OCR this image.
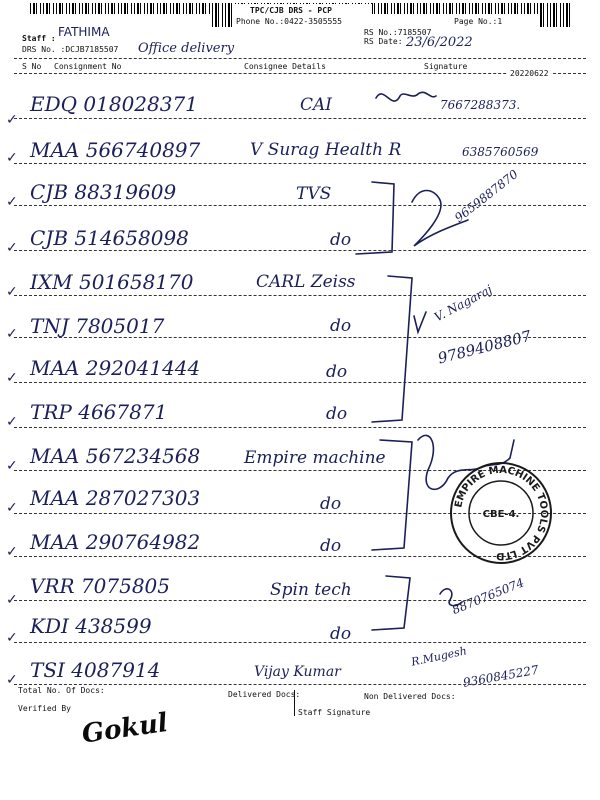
TPC/CJB DRS - PCP
Phone No.:0422-3505555	Page No.:1
Staff : FATHIMA
DRS No. :DCJB7185507 Office delivery
RS No.:7185507
RS Date: 23/6/2022
S No Consignment No	Consignee Details	Signature
20220622
✓
EDQ 018028371	CAI	7667288373.
✓ MAA 566740897	V Surag Health R	6385760569
✓ CJB 88319609	TVS	9659887870
✓ CJB 514658098	do
✓ IXM 501658170	CARL Zeiss
V. Nagaraj
✓ TNJ 7805017	do
9789408807
✓ MAA 292041444	do
✓ TRP 4667871	do
✓ MAA 567234568	Empire machine
✓ MAA 287027303	do
✓ MAA 290764982	do
✓
VRR 7075805	Spin tech	8870765074
✓ KDI 438599	do
✓ TSI 4087914	Vijay Kumar	9360845227
EMPIRE MACHINE TOOLS PVT LTD
CBE-4.
R.Mugesh
Total No. Of Docs:	Delivered Docs:	Non Delivered Docs:
Verified By	Staff Signature
Gokul
